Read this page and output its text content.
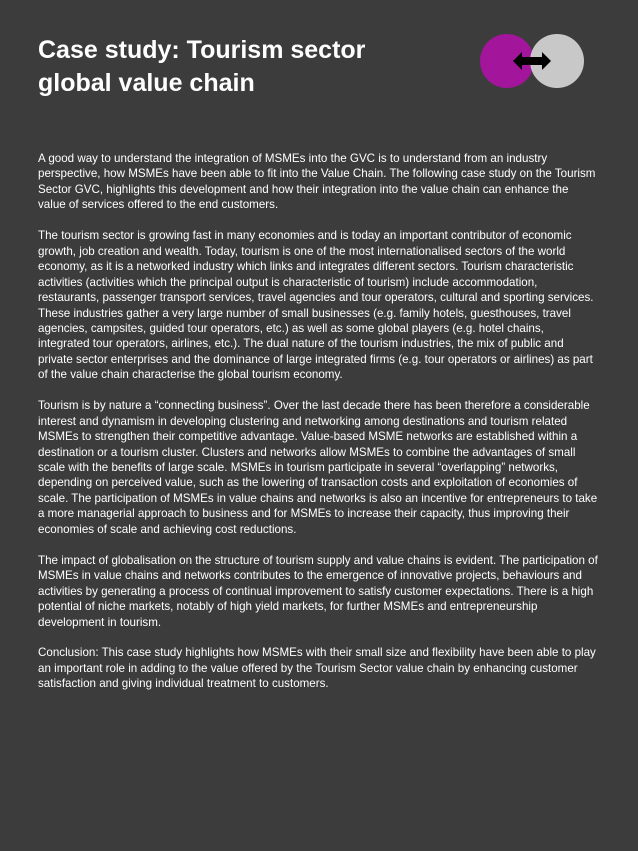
Case study: Tourism sector
global value chain

A good way to understand the integration of MSMEs into the GVC is to understand from an industry perspective, how MSMEs have been able to fit into the Value Chain. The following case study on the Tourism Sector GVC, highlights this development and how their integration into the value chain can enhance the value of services offered to the end customers.

The tourism sector is growing fast in many economies and is today an important contributor of economic growth, job creation and wealth. Today, tourism is one of the most internationalised sectors of the world economy, as it is a networked industry which links and integrates different sectors. Tourism characteristic activities (activities which the principal output is characteristic of tourism) include accommodation, restaurants, passenger transport services, travel agencies and tour operators, cultural and sporting services. These industries gather a very large number of small businesses (e.g. family hotels, guesthouses, travel agencies, campsites, guided tour operators, etc.) as well as some global players (e.g. hotel chains, integrated tour operators, airlines, etc.). The dual nature of the tourism industries, the mix of public and private sector enterprises and the dominance of large integrated firms (e.g. tour operators or airlines) as part of the value chain characterise the global tourism economy.

Tourism is by nature a “connecting business”. Over the last decade there has been therefore a considerable interest and dynamism in developing clustering and networking among destinations and tourism related MSMEs to strengthen their competitive advantage. Value-based MSME networks are established within a destination or a tourism cluster. Clusters and networks allow MSMEs to combine the advantages of small scale with the benefits of large scale. MSMEs in tourism participate in several “overlapping” networks, depending on perceived value, such as the lowering of transaction costs and exploitation of economies of scale. The participation of MSMEs in value chains and networks is also an incentive for entrepreneurs to take a more managerial approach to business and for MSMEs to increase their capacity, thus improving their economies of scale and achieving cost reductions.

The impact of globalisation on the structure of tourism supply and value chains is evident. The participation of MSMEs in value chains and networks contributes to the emergence of innovative projects, behaviours and activities by generating a process of continual improvement to satisfy customer expectations. There is a high potential of niche markets, notably of high yield markets, for further MSMEs and entrepreneurship development in tourism.

Conclusion: This case study highlights how MSMEs with their small size and flexibility have been able to play an important role in adding to the value offered by the Tourism Sector value chain by enhancing customer satisfaction and giving individual treatment to customers.
